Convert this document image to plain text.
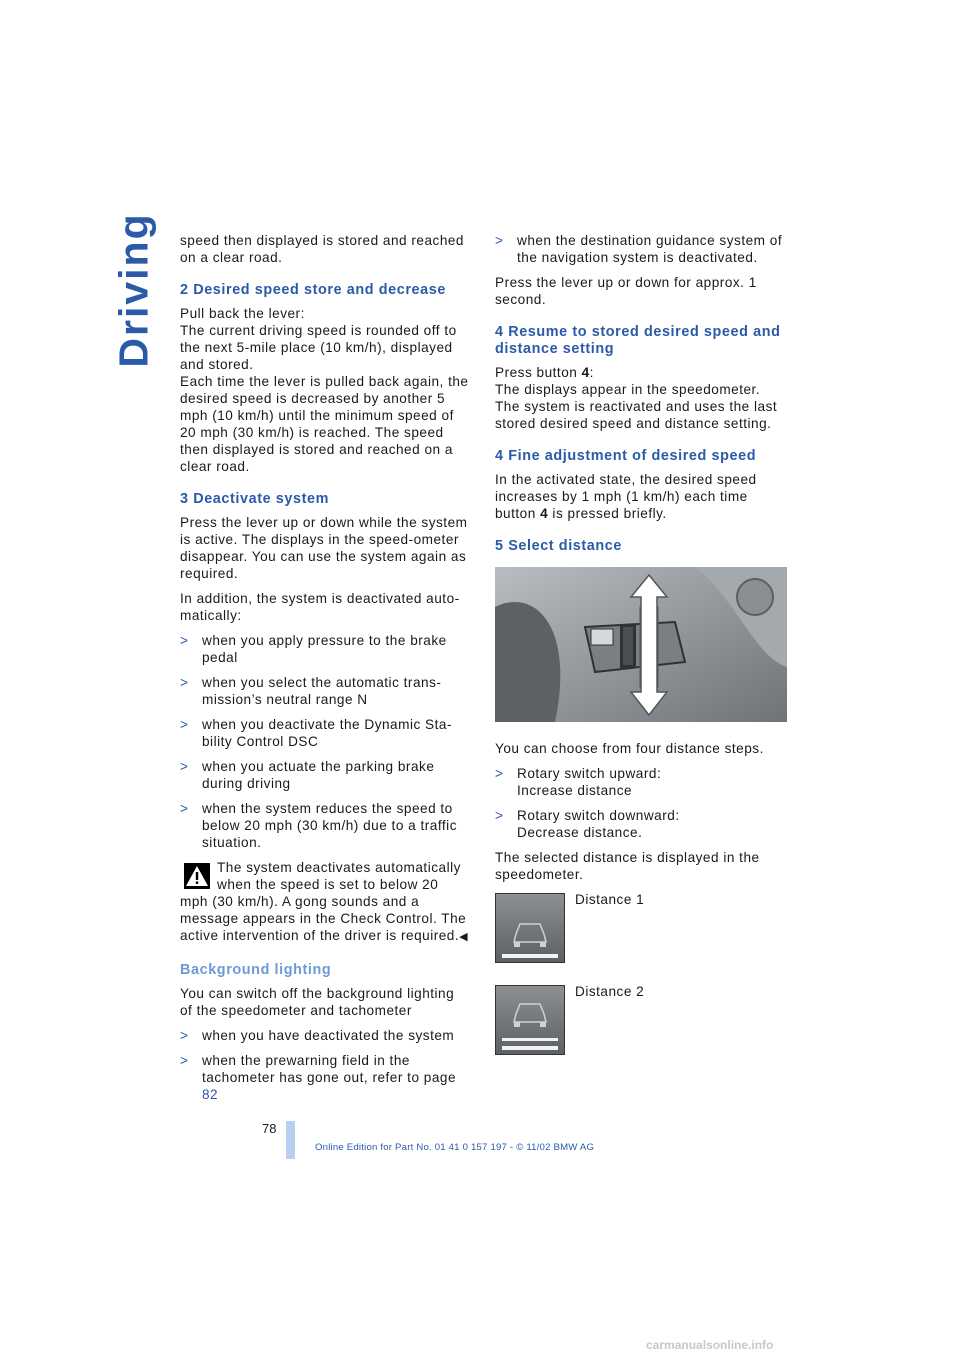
Driving speed then displayed is stored and reached on a clear road.

2 Desired speed store and decrease

Pull back the lever:
The current driving speed is rounded off to the next 5-mile place (10 km/h), displayed and stored.
Each time the lever is pulled back again, the desired speed is decreased by another 5 mph (10 km/h) until the minimum speed of 20 mph (30 km/h) is reached. The speed then displayed is stored and reached on a clear road.

3 Deactivate system

Press the lever up or down while the system is active. The displays in the speed-ometer disappear. You can use the system again as required.

In addition, the system is deactivated auto-matically:

> when you apply pressure to the brake pedal
> when you select the automatic trans-mission’s neutral range N
> when you deactivate the Dynamic Sta-bility Control DSC
> when you actuate the parking brake during driving
> when the system reduces the speed to below 20 mph (30 km/h) due to a traffic situation.
The system deactivates automatically when the speed is set to below 20 mph (30 km/h). A gong sounds and a message appears in the Check Control. The active intervention of the driver is required.◀
Background lighting

You can switch off the background lighting of the speedometer and tachometer

> when you have deactivated the system
> when the prewarning field in the tachometer has gone out, refer to page 82
> when the destination guidance system of the navigation system is deactivated.

Press the lever up or down for approx. 1 second.

4 Resume to stored desired speed and distance setting

Press button 4:
The displays appear in the speedometer.
The system is reactivated and uses the last stored desired speed and distance setting.

4 Fine adjustment of desired speed

In the activated state, the desired speed increases by 1 mph (1 km/h) each time button 4 is pressed briefly.

5 Select distance

You can choose from four distance steps.

> Rotary switch upward:
Increase distance
> Rotary switch downward:
Decrease distance.

The selected distance is displayed in the speedometer.

Distance 1
Distance 2
78
Online Edition for Part No. 01 41 0 157 197 - © 11/02 BMW AG
carmanualsonline.info
